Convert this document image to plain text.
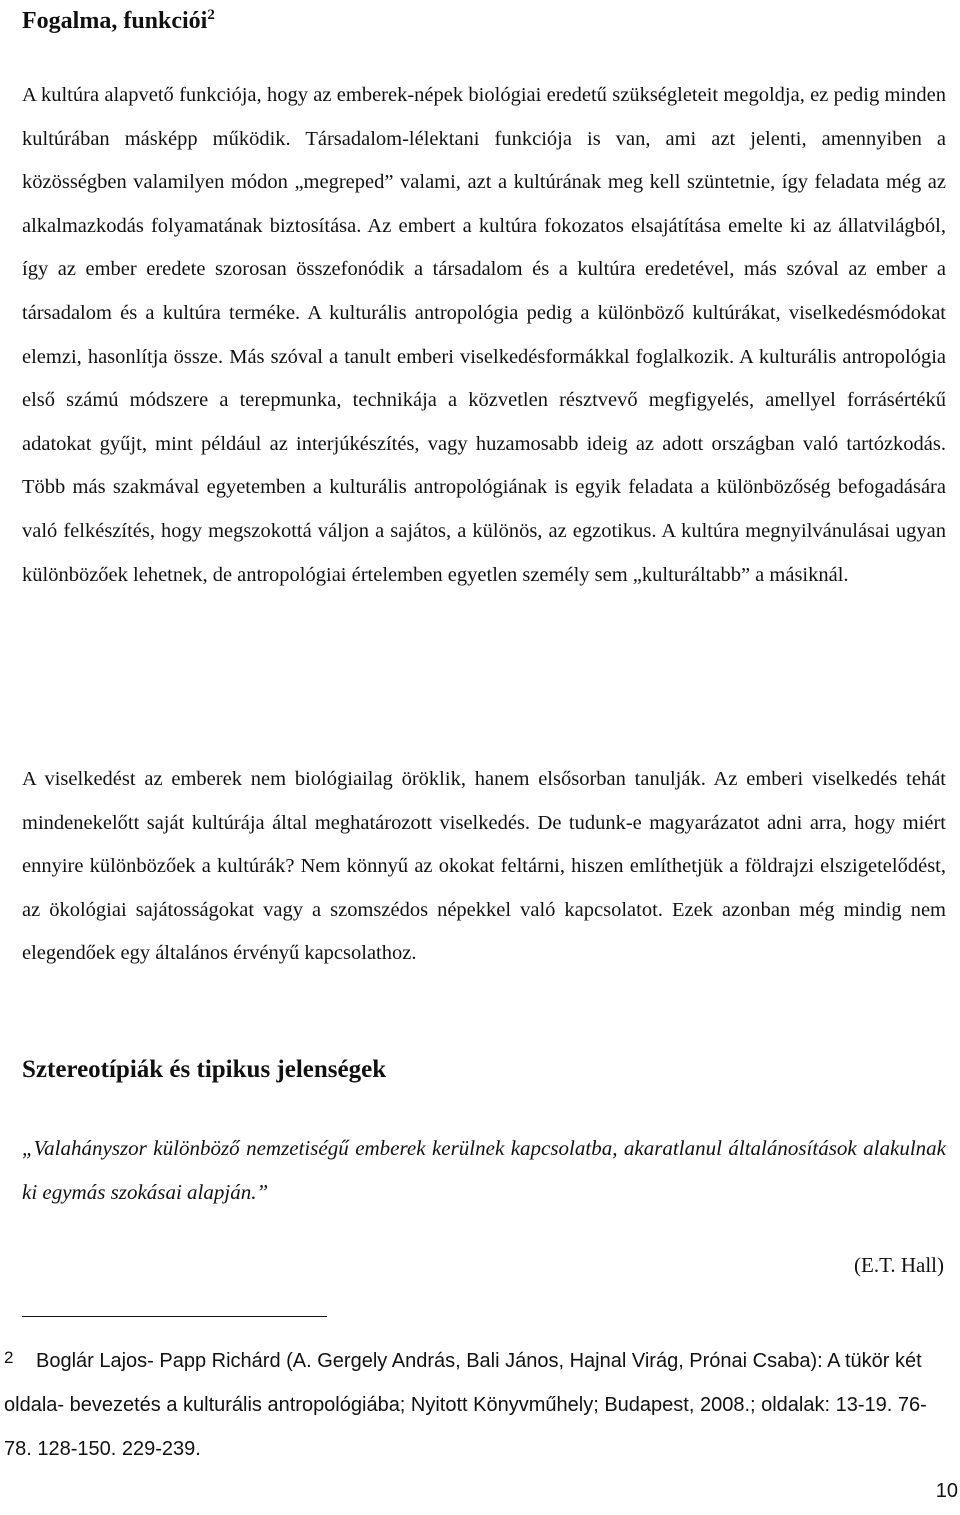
Fogalma, funkciói$^2$

A kultúra alapvető funkciója, hogy az emberek-népek biológiai eredetű szükségleteit megoldja, ez pedig minden kultúrában másképp működik. Társadalom-lélektani funkciója is van, ami azt jelenti, amennyiben a közösségben valamilyen módon „megreped” valami, azt a kultúrának meg kell szüntetnie, így feladata még az alkalmazkodás folyamatának biztosítása. Az embert a kultúra fokozatos elsajátítása emelte ki az állatvilágból, így az ember eredete szorosan összefonódik a társadalom és a kultúra eredetével, más szóval az ember a társadalom és a kultúra terméke. A kulturális antropológia pedig a különböző kultúrákat, viselkedésmódokat elemzi, hasonlítja össze. Más szóval a tanult emberi viselkedésformákkal foglalkozik. A kulturális antropológia első számú módszere a terepmunka, technikája a közvetlen résztvevő megfigyelés, amellyel forrásértékű adatokat gyűjt, mint például az interjúkészítés, vagy huzamosabb ideig az adott országban való tartózkodás. Több más szakmával egyetemben a kulturális antropológiának is egyik feladata a különbözőség befogadására való felkészítés, hogy megszokottá váljon a sajátos, a különös, az egzotikus. A kultúra megnyilvánulásai ugyan különbözőek lehetnek, de antropológiai értelemben egyetlen személy sem „kulturáltabb” a másiknál.

A viselkedést az emberek nem biológiailag öröklik, hanem elsősorban tanulják. Az emberi viselkedés tehát mindenekelőtt saját kultúrája által meghatározott viselkedés. De tudunk-e magyarázatot adni arra, hogy miért ennyire különbözőek a kultúrák? Nem könnyű az okokat feltárni, hiszen említhetjük a földrajzi elszigetelődést, az ökológiai sajátosságokat vagy a szomszédos népekkel való kapcsolatot. Ezek azonban még mindig nem elegendőek egy általános érvényű kapcsolathoz.

Sztereotípiák és tipikus jelenségek

„Valahányszor különböző nemzetiségű emberek kerülnek kapcsolatba, akaratlanul általánosítások alakulnak ki egymás szokásai alapján.”

(E.T. Hall)

2 Boglár Lajos- Papp Richárd (A. Gergely András, Bali János, Hajnal Virág, Prónai Csaba): A tükör két oldala- bevezetés a kulturális antropológiába; Nyitott Könyvműhely; Budapest, 2008.; oldalak: 13-19. 76-78. 128-150. 229-239.

10
